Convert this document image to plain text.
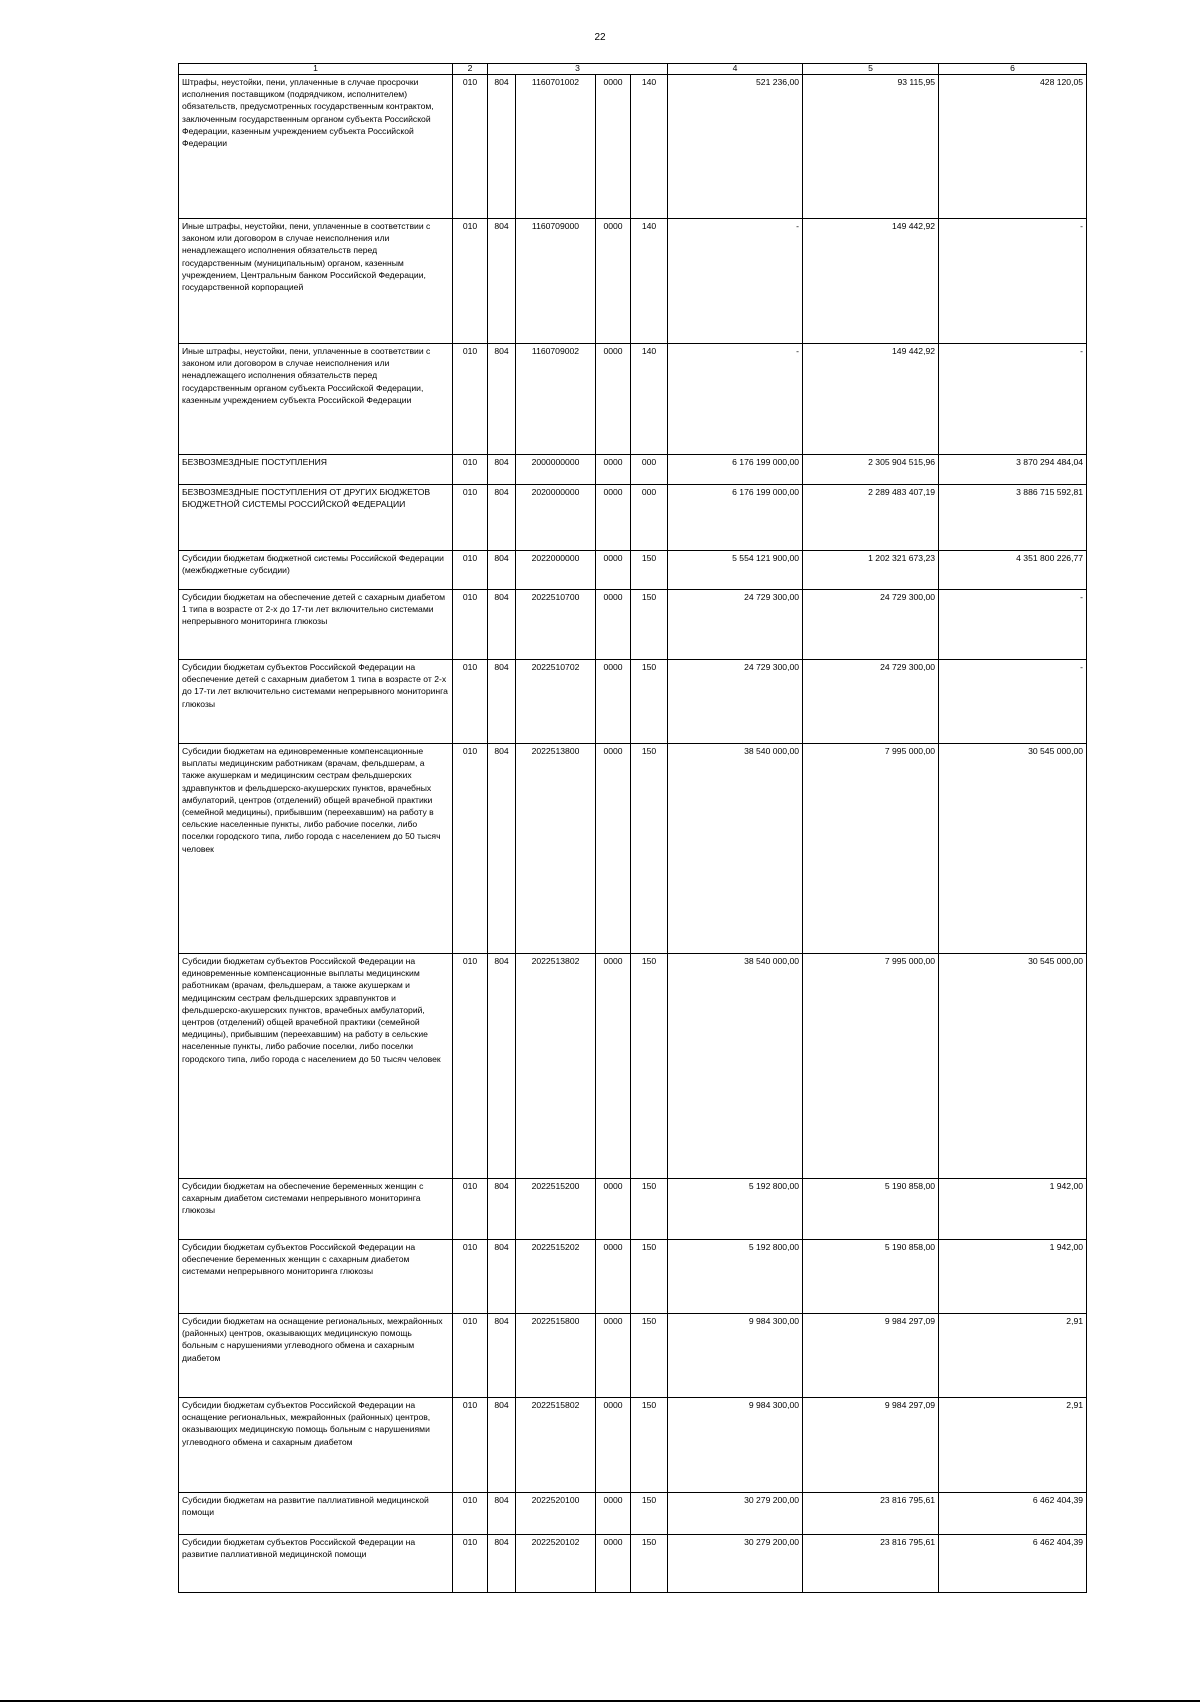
22
1	2	3				4	5	6
Штрафы, неустойки, пени, уплаченные в случае просрочки исполнения поставщиком (подрядчиком, исполнителем) обязательств, предусмотренных государственным контрактом, заключенным государственным органом субъекта Российской Федерации, казенным учреждением субъекта Российской Федерации	010	804	1160701002	0000	140	521 236,00	93 115,95	428 120,05
Иные штрафы, неустойки, пени, уплаченные в соответствии с законом или договором в случае неисполнения или ненадлежащего исполнения обязательств перед государственным (муниципальным) органом, казенным учреждением, Центральным банком Российской Федерации, государственной корпорацией	010	804	1160709000	0000	140	-	149 442,92	-
Иные штрафы, неустойки, пени, уплаченные в соответствии с законом или договором в случае неисполнения или ненадлежащего исполнения обязательств перед государственным органом субъекта Российской Федерации, казенным учреждением субъекта Российской Федерации	010	804	1160709002	0000	140	-	149 442,92	-
БЕЗВОЗМЕЗДНЫЕ ПОСТУПЛЕНИЯ	010	804	2000000000	0000	000	6 176 199 000,00	2 305 904 515,96	3 870 294 484,04
БЕЗВОЗМЕЗДНЫЕ ПОСТУПЛЕНИЯ ОТ ДРУГИХ БЮДЖЕТОВ БЮДЖЕТНОЙ СИСТЕМЫ РОССИЙСКОЙ ФЕДЕРАЦИИ	010	804	2020000000	0000	000	6 176 199 000,00	2 289 483 407,19	3 886 715 592,81
Субсидии бюджетам бюджетной системы Российской Федерации (межбюджетные субсидии)	010	804	2022000000	0000	150	5 554 121 900,00	1 202 321 673,23	4 351 800 226,77
Субсидии бюджетам на обеспечение детей с сахарным диабетом 1 типа в возрасте от 2-х до 17-ти лет включительно системами непрерывного мониторинга глюкозы	010	804	2022510700	0000	150	24 729 300,00	24 729 300,00	-
Субсидии бюджетам субъектов Российской Федерации на обеспечение детей с сахарным диабетом 1 типа в возрасте от 2-х до 17-ти лет включительно системами непрерывного мониторинга глюкозы	010	804	2022510702	0000	150	24 729 300,00	24 729 300,00	-
Субсидии бюджетам на единовременные компенсационные выплаты медицинским работникам (врачам, фельдшерам, а также акушеркам и медицинским сестрам фельдшерских здравпунктов и фельдшерско-акушерских пунктов, врачебных амбулаторий, центров (отделений) общей врачебной практики (семейной медицины), прибывшим (переехавшим) на работу в сельские населенные пункты, либо рабочие поселки, либо поселки городского типа, либо города с населением до 50 тысяч человек	010	804	2022513800	0000	150	38 540 000,00	7 995 000,00	30 545 000,00
Субсидии бюджетам субъектов Российской Федерации на единовременные компенсационные выплаты медицинским работникам (врачам, фельдшерам, а также акушеркам и медицинским сестрам фельдшерских здравпунктов и фельдшерско-акушерских пунктов, врачебных амбулаторий, центров (отделений) общей врачебной практики (семейной медицины), прибывшим (переехавшим) на работу в сельские населенные пункты, либо рабочие поселки, либо поселки городского типа, либо города с населением до 50 тысяч человек	010	804	2022513802	0000	150	38 540 000,00	7 995 000,00	30 545 000,00
Субсидии бюджетам на обеспечение беременных женщин с сахарным диабетом системами непрерывного мониторинга глюкозы	010	804	2022515200	0000	150	5 192 800,00	5 190 858,00	1 942,00
Субсидии бюджетам субъектов Российской Федерации на обеспечение беременных женщин с сахарным диабетом системами непрерывного мониторинга глюкозы	010	804	2022515202	0000	150	5 192 800,00	5 190 858,00	1 942,00
Субсидии бюджетам на оснащение региональных, межрайонных (районных) центров, оказывающих медицинскую помощь больным с нарушениями углеводного обмена и сахарным диабетом	010	804	2022515800	0000	150	9 984 300,00	9 984 297,09	2,91
Субсидии бюджетам субъектов Российской Федерации на оснащение региональных, межрайонных (районных) центров, оказывающих медицинскую помощь больным с нарушениями углеводного обмена и сахарным диабетом	010	804	2022515802	0000	150	9 984 300,00	9 984 297,09	2,91
Субсидии бюджетам на развитие паллиативной медицинской помощи	010	804	2022520100	0000	150	30 279 200,00	23 816 795,61	6 462 404,39
Субсидии бюджетам субъектов Российской Федерации на развитие паллиативной медицинской помощи	010	804	2022520102	0000	150	30 279 200,00	23 816 795,61	6 462 404,39
